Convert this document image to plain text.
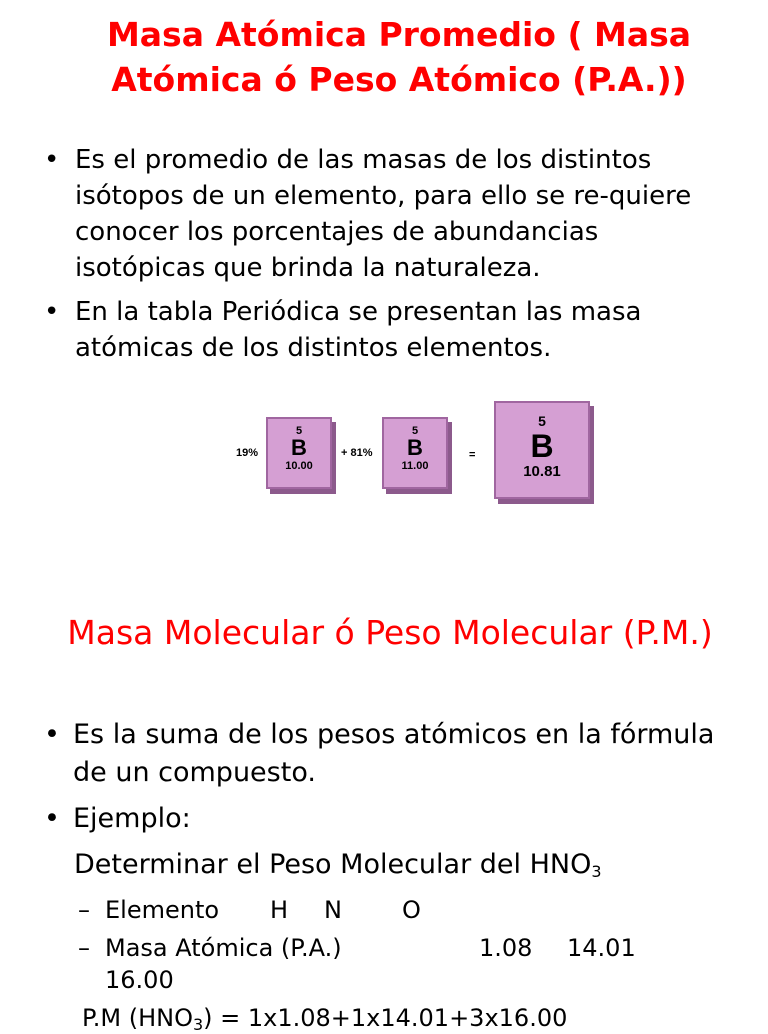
Masa Atómica Promedio ( Masa Atómica ó Peso Atómico (P.A.))
• Es el promedio de las masas de los distintos isótopos de un elemento, para ello se re-quiere conocer los porcentajes de abundancias isotópicas que brinda la naturaleza.
• En la tabla Periódica se presentan las masa atómicas de los distintos elementos.
19%
5
B
10.00
+ 81%
5
B
11.00
=
5
B
10.81
Masa Molecular ó Peso Molecular (P.M.)
• Es la suma de los pesos atómicos en la fórmula de un compuesto.
• Ejemplo:
Determinar el Peso Molecular del $HNO_3$
– Elemento H N	O
– Masa Atómica (P.A.)	1.08 14.01
16.00
P.M $(HNO_3) = 1x1.08+1x14.01+3x16.00$
